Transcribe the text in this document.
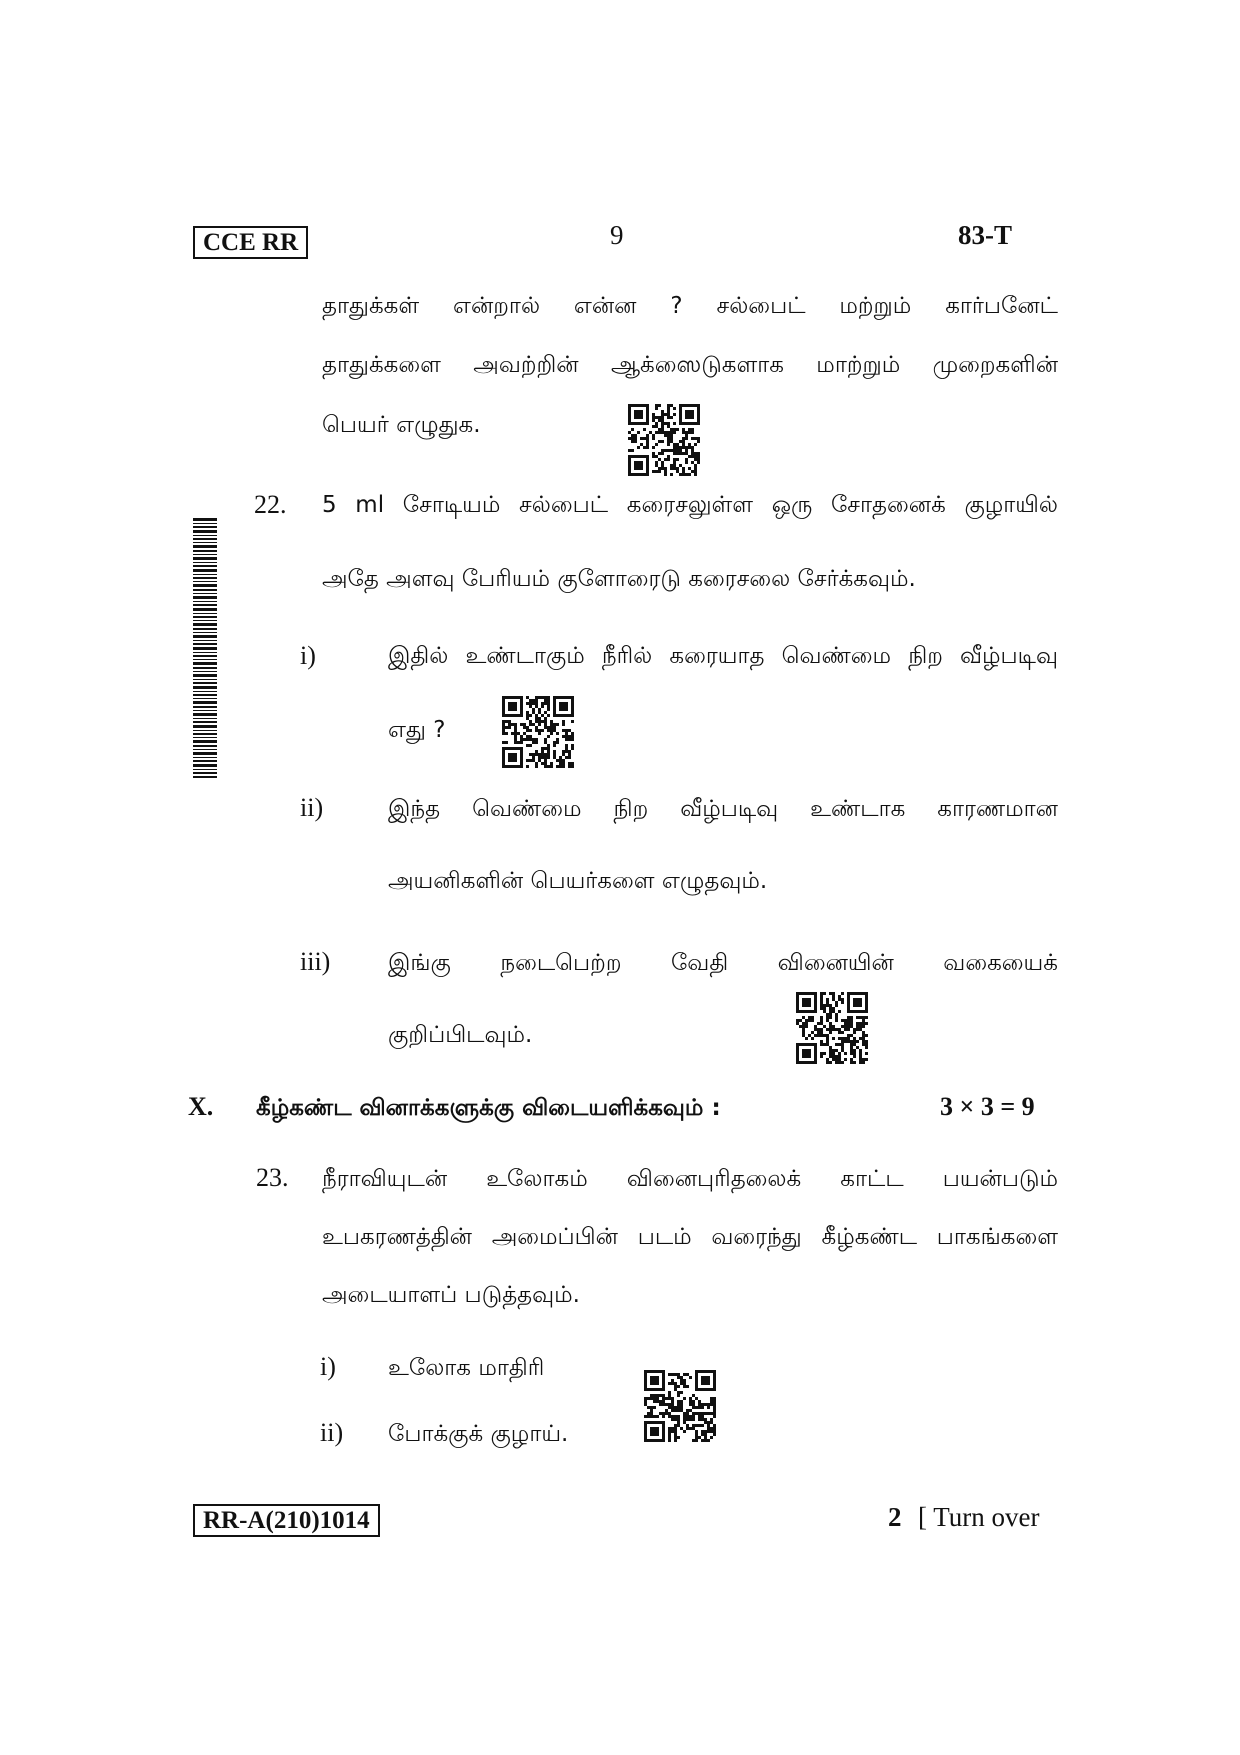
CCE RR	9	83-T
தாதுக்கள் என்றால் என்ன ? சல்பைட் மற்றும் கார்பனேட்
தாதுக்களை அவற்றின் ஆக்ஸைடுகளாக மாற்றும் முறைகளின்
பெயர் எழுதுக.
22. 5 ml சோடியம் சல்பைட் கரைசலுள்ள ஒரு சோதனைக் குழாயில்
அதே அளவு பேரியம் குளோரைடு கரைசலை சேர்க்கவும்.
i)	இதில் உண்டாகும் நீரில் கரையாத வெண்மை நிற வீழ்படிவு
எது ?
ii)	இந்த வெண்மை நிற வீழ்படிவு உண்டாக காரணமான
அயனிகளின் பெயர்களை எழுதவும்.
iii)	இங்கு நடைபெற்ற வேதி வினையின் வகையைக்
குறிப்பிடவும்.
X. கீழ்கண்ட வினாக்களுக்கு விடையளிக்கவும் :	3 × 3 = 9
23. நீராவியுடன் உலோகம் வினைபுரிதலைக் காட்ட பயன்படும்
உபகரணத்தின் அமைப்பின் படம் வரைந்து கீழ்கண்ட பாகங்களை
அடையாளப் படுத்தவும்.
i) உலோக மாதிரி
ii) போக்குக் குழாய்.
RR-A(210)1014	2 [ Turn over
